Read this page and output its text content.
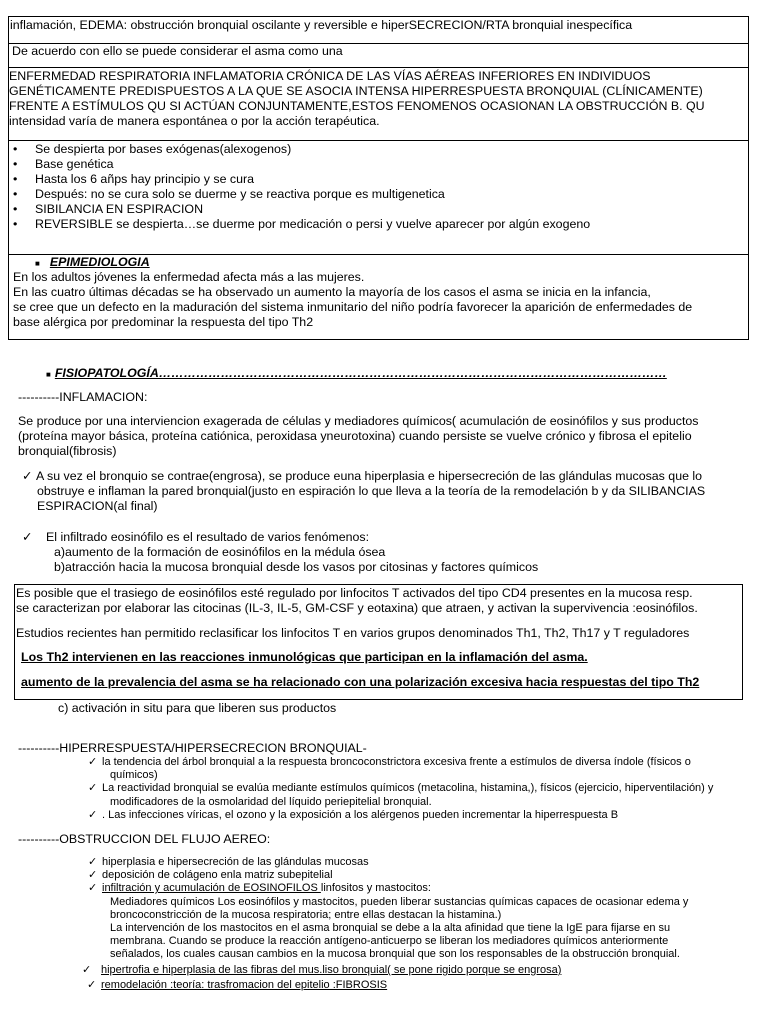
inflamación, EDEMA: obstrucción bronquial oscilante y reversible e hiperSECRECION/RTA bronquial inespecífica
De acuerdo con ello se puede considerar el asma como una
ENFERMEDAD RESPIRATORIA INFLAMATORIA CRÓNICA DE LAS VÍAS AÉREAS INFERIORES EN INDIVIDUOS
GENÉTICAMENTE PREDISPUESTOS A LA QUE SE ASOCIA INTENSA HIPERRESPUESTA BRONQUIAL (CLÍNICAMENTE)
FRENTE A ESTÍMULOS QU SI ACTÚAN CONJUNTAMENTE,ESTOS FENOMENOS OCASIONAN LA OBSTRUCCIÓN B. QU
intensidad varía de manera espontánea o por la acción terapéutica.
• Se despierta por bases exógenas(alexogenos)
• Base genética
• Hasta los 6 añps hay principio y se cura
• Después: no se cura solo se duerme y se reactiva porque es multigenetica
• SIBILANCIA EN ESPIRACION
• REVERSIBLE se despierta…se duerme por medicación o persi y vuelve aparecer por algún exogeno
■ EPIMEDIOLOGIA
En los adultos jóvenes la enfermedad afecta más a las mujeres.
En las cuatro últimas décadas se ha observado un aumento la mayoría de los casos el asma se inicia en la infancia,
se cree que un defecto en la maduración del sistema inmunitario del niño podría favorecer la aparición de enfermedades de
base alérgica por predominar la respuesta del tipo Th2
■ FISIOPATOLOGÍA……………………………………………………………………………………………………………
----------INFLAMACION:
Se produce por una interviencion exagerada de células y mediadores químicos( acumulación de eosinófilos y sus productos
(proteína mayor básica, proteína catiónica, peroxidasa yneurotoxina) cuando persiste se vuelve crónico y fibrosa el epitelio
bronquial(fibrosis)
✓ A su vez el bronquio se contrae(engrosa), se produce euna hiperplasia e hipersecreción de las glándulas mucosas que lo
obstruye e inflaman la pared bronquial(justo en espiración lo que lleva a la teoría de la remodelación b y da SILIBANCIAS
ESPIRACION(al final)
✓ El infiltrado eosinófilo es el resultado de varios fenómenos:
a)aumento de la formación de eosinófilos en la médula ósea
b)atracción hacia la mucosa bronquial desde los vasos por citosinas y factores químicos
Es posible que el trasiego de eosinófilos esté regulado por linfocitos T activados del tipo CD4 presentes en la mucosa resp.
se caracterizan por elaborar las citocinas (IL-3, IL-5, GM-CSF y eotaxina) que atraen, y activan la supervivencia :eosinófilos.
Estudios recientes han permitido reclasificar los linfocitos T en varios grupos denominados Th1, Th2, Th17 y T reguladores
Los Th2 intervienen en las reacciones inmunológicas que participan en la inflamación del asma.
aumento de la prevalencia del asma se ha relacionado con una polarización excesiva hacia respuestas del tipo Th2
c) activación in situ para que liberen sus productos
----------HIPERRESPUESTA/HIPERSECRECION BRONQUIAL-
✓ la tendencia del árbol bronquial a la respuesta broncoconstrictora excesiva frente a estímulos de diversa índole (físicos o
químicos)
✓ La reactividad bronquial se evalúa mediante estímulos químicos (metacolina, histamina,), físicos (ejercicio, hiperventilación) y
modificadores de la osmolaridad del líquido periepitelial bronquial.
✓ . Las infecciones víricas, el ozono y la exposición a los alérgenos pueden incrementar la hiperrespuesta B
----------OBSTRUCCION DEL FLUJO AEREO:
✓ hiperplasia e hipersecreción de las glándulas mucosas
✓ deposición de colágeno enla matriz subepitelial
✓ infiltración y acumulación de EOSINOFILOS linfositos y mastocitos:
Mediadores químicos Los eosinófilos y mastocitos, pueden liberar sustancias químicas capaces de ocasionar edema y
broncoconstricción de la mucosa respiratoria; entre ellas destacan la histamina.)
La intervención de los mastocitos en el asma bronquial se debe a la alta afinidad que tiene la IgE para fijarse en su
membrana. Cuando se produce la reacción antígeno-anticuerpo se liberan los mediadores químicos anteriormente
señalados, los cuales causan cambios en la mucosa bronquial que son los responsables de la obstrucción bronquial.
✓ hipertrofia e hiperplasia de las fibras del mus.liso bronquial( se pone rigido porque se engrosa)
✓ remodelación :teoría: trasfromacion del epitelio :FIBROSIS
